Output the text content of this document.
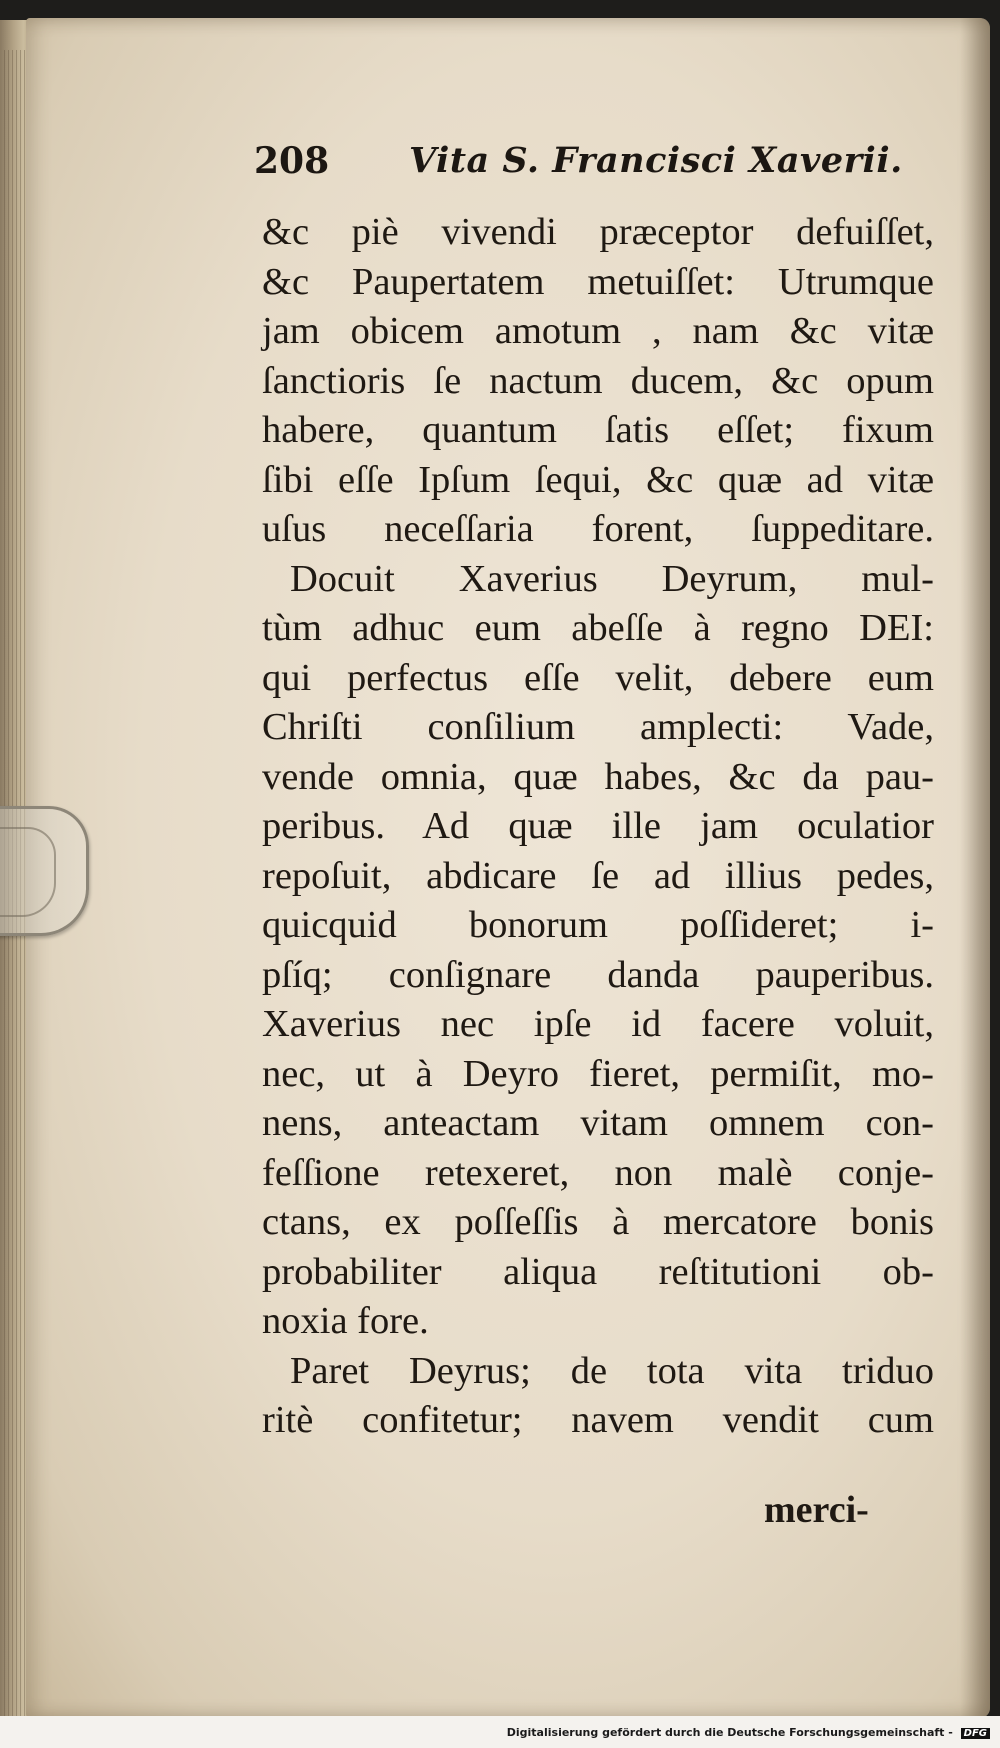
208 Vita S. Francisci Xaverii.
&c piè vivendi præceptor defuiſſet,
&c Paupertatem metuiſſet: Utrumque
jam obicem amotum , nam &c vitæ
ſanctioris ſe nactum ducem, &c opum
habere, quantum ſatis eſſet; fixum
ſibi eſſe Ipſum ſequi, &c quæ ad vitæ
uſus neceſſaria forent, ſuppeditare.
Docuit Xaverius Deyrum, mul-
tùm adhuc eum abeſſe à regno DEI:
qui perfectus eſſe velit, debere eum
Chriſti conſilium amplecti: Vade,
vende omnia, quæ habes, &c da pau-
peribus. Ad quæ ille jam oculatior
repoſuit, abdicare ſe ad illius pedes,
quicquid bonorum poſſideret; i-
pſíq; conſignare danda pauperibus.
Xaverius nec ipſe id facere voluit,
nec, ut à Deyro fieret, permiſit, mo-
nens, anteactam vitam omnem con-
feſſione retexeret, non malè conje-
ctans, ex poſſeſſis à mercatore bonis
probabiliter aliqua reſtitutioni ob-
noxia fore.
Paret Deyrus; de tota vita triduo
ritè confitetur; navem vendit cum
merci-
Digitalisierung gefördert durch die Deutsche Forschungsgemeinschaft - DFG
